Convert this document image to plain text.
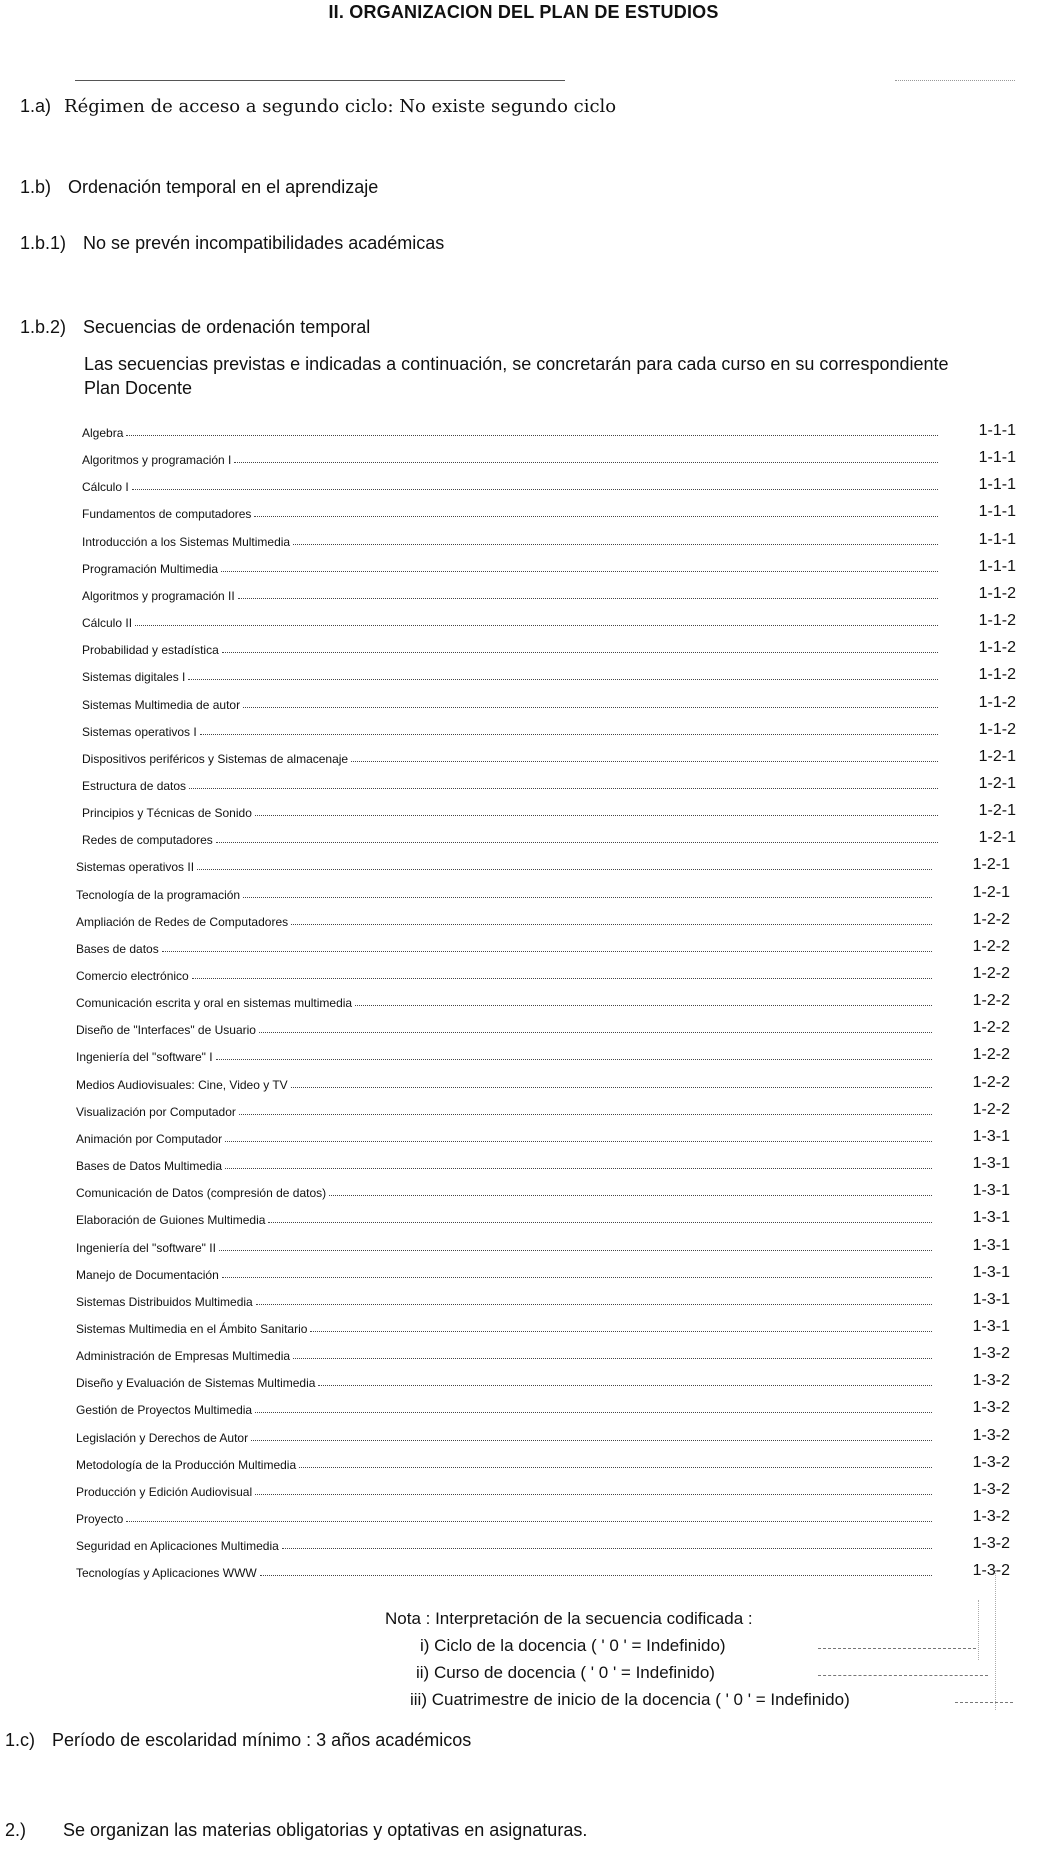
II. ORGANIZACION DEL PLAN DE ESTUDIOS
1.a) Régimen de acceso a segundo ciclo: No existe segundo ciclo
1.b) Ordenación temporal en el aprendizaje
1.b.1) No se prevén incompatibilidades académicas
1.b.2) Secuencias de ordenación temporal
Las secuencias previstas e indicadas a continuación, se concretarán para cada curso en su correspondiente
Plan Docente
Algebra	1-1-1
Algoritmos y programación I	1-1-1
Cálculo I	1-1-1
Fundamentos de computadores	1-1-1
Introducción a los Sistemas Multimedia	1-1-1
Programación Multimedia	1-1-1
Algoritmos y programación II	1-1-2
Cálculo II	1-1-2
Probabilidad y estadística	1-1-2
Sistemas digitales I	1-1-2
Sistemas Multimedia de autor	1-1-2
Sistemas operativos I	1-1-2
Dispositivos periféricos y Sistemas de almacenaje	1-2-1
Estructura de datos	1-2-1
Principios y Técnicas de Sonido	1-2-1
Redes de computadores	1-2-1
Sistemas operativos II	1-2-1
Tecnología de la programación	1-2-1
Ampliación de Redes de Computadores	1-2-2
Bases de datos	1-2-2
Comercio electrónico	1-2-2
Comunicación escrita y oral en sistemas multimedia	1-2-2
Diseño de "Interfaces" de Usuario	1-2-2
Ingeniería del "software" I	1-2-2
Medios Audiovisuales: Cine, Video y TV	1-2-2
Visualización por Computador	1-2-2
Animación por Computador	1-3-1
Bases de Datos Multimedia	1-3-1
Comunicación de Datos (compresión de datos)	1-3-1
Elaboración de Guiones Multimedia	1-3-1
Ingeniería del "software" II	1-3-1
Manejo de Documentación	1-3-1
Sistemas Distribuidos Multimedia	1-3-1
Sistemas Multimedia en el Ámbito Sanitario	1-3-1
Administración de Empresas Multimedia	1-3-2
Diseño y Evaluación de Sistemas Multimedia	1-3-2
Gestión de Proyectos Multimedia	1-3-2
Legislación y Derechos de Autor	1-3-2
Metodología de la Producción Multimedia	1-3-2
Producción y Edición Audiovisual	1-3-2
Proyecto	1-3-2
Seguridad en Aplicaciones Multimedia	1-3-2
Tecnologías y Aplicaciones WWW	1-3-2
Nota : Interpretación de la secuencia codificada :
i) Ciclo de la docencia ( ' 0 ' = Indefinido)
ii) Curso de docencia ( ' 0 ' = Indefinido)
iii) Cuatrimestre de inicio de la docencia ( ' 0 ' = Indefinido)
1.c) Período de escolaridad mínimo : 3 años académicos
2.) Se organizan las materias obligatorias y optativas en asignaturas.
